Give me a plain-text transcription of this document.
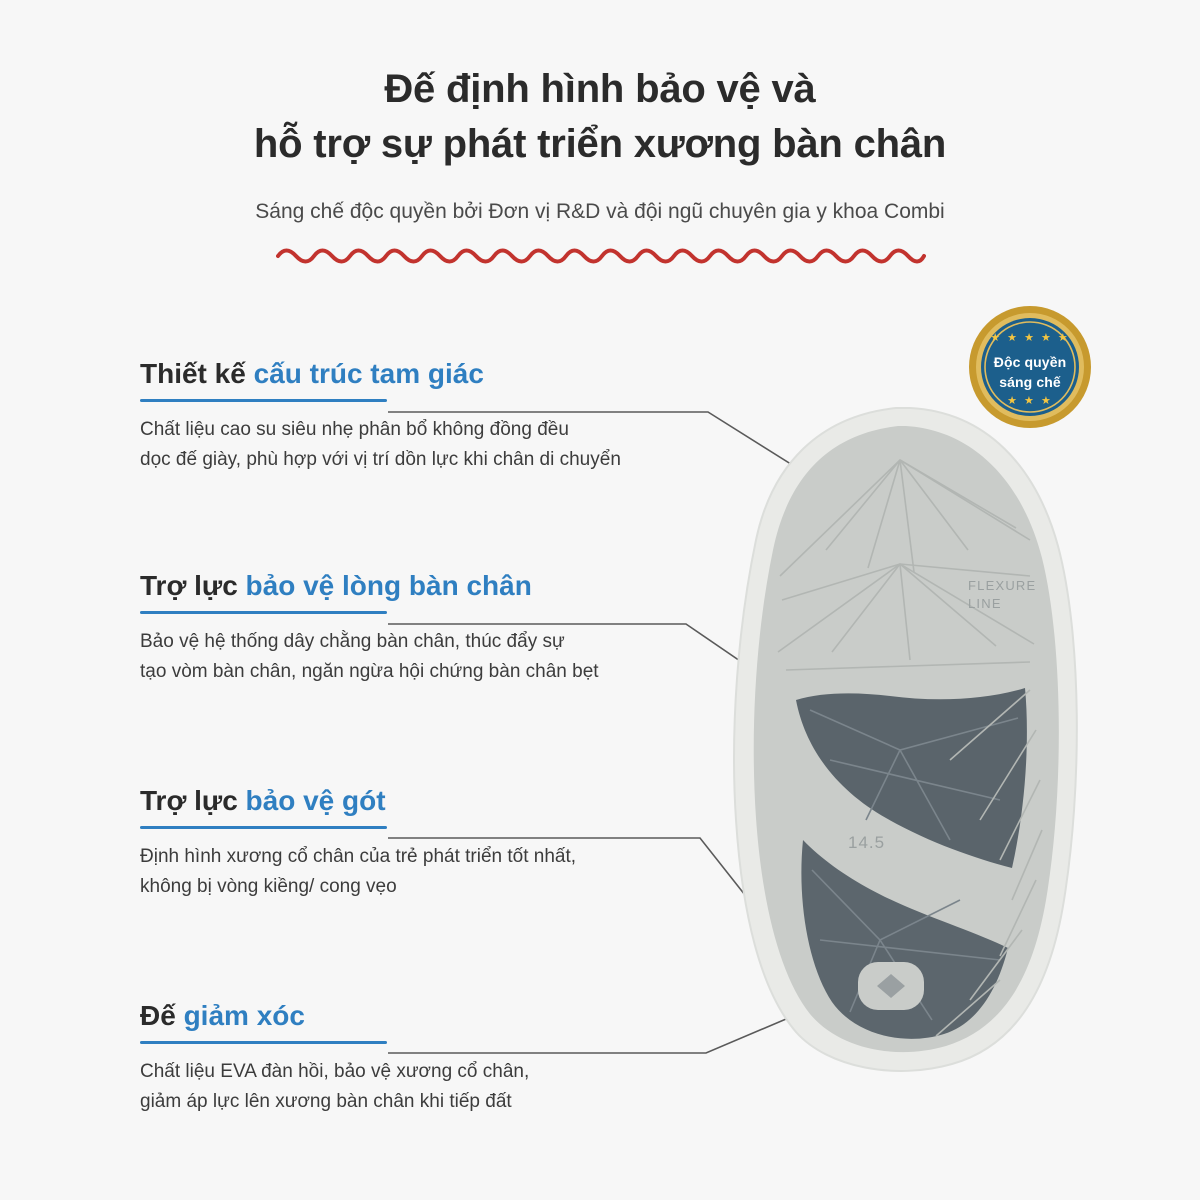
Đế định hình bảo vệ và
hỗ trợ sự phát triển xương bàn chân
Sáng chế độc quyền bởi Đơn vị R&D và đội ngũ chuyên gia y khoa Combi
FLEXURE
LINE
14.5
★ ★ ★ ★ ★
Độc quyền
sáng chế
★ ★ ★
Thiết kế cấu trúc tam giác
Chất liệu cao su siêu nhẹ phân bổ không đồng đều
dọc đế giày, phù hợp với vị trí dồn lực khi chân di chuyển
Trợ lực bảo vệ lòng bàn chân
Bảo vệ hệ thống dây chằng bàn chân, thúc đẩy sự
tạo vòm bàn chân, ngăn ngừa hội chứng bàn chân bẹt
Trợ lực bảo vệ gót
Định hình xương cổ chân của trẻ phát triển tốt nhất,
không bị vòng kiềng/ cong vẹo
Đế giảm xóc
Chất liệu EVA đàn hồi, bảo vệ xương cổ chân,
giảm áp lực lên xương bàn chân khi tiếp đất
